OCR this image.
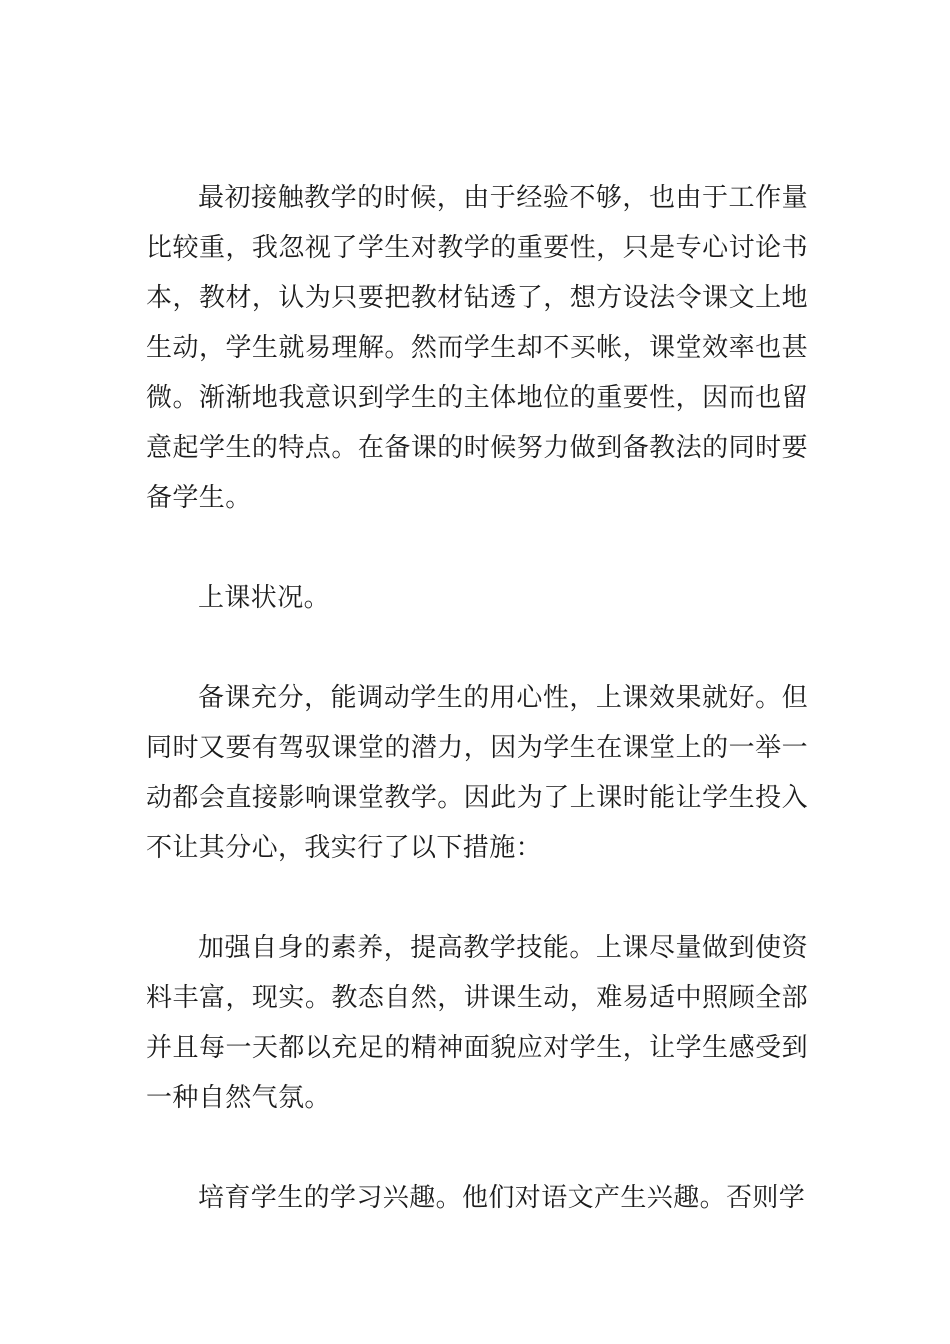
最初接触教学的时候，由于经验不够，也由于工作量比较重，我忽视了学生对教学的重要性，只是专心讨论书本，教材，认为只要把教材钻透了，想方设法令课文上地生动，学生就易理解。然而学生却不买帐，课堂效率也甚微。渐渐地我意识到学生的主体地位的重要性，因而也留意起学生的特点。在备课的时候努力做到备教法的同时要备学生。

上课状况。

备课充分，能调动学生的用心性，上课效果就好。但同时又要有驾驭课堂的潜力，因为学生在课堂上的一举一动都会直接影响课堂教学。因此为了上课时能让学生投入不让其分心，我实行了以下措施：

加强自身的素养，提高教学技能。上课尽量做到使资料丰富，现实。教态自然，讲课生动，难易适中照顾全部并且每一天都以充足的精神面貌应对学生，让学生感受到一种自然气氛。

培育学生的学习兴趣。他们对语文产生兴趣。否则学
